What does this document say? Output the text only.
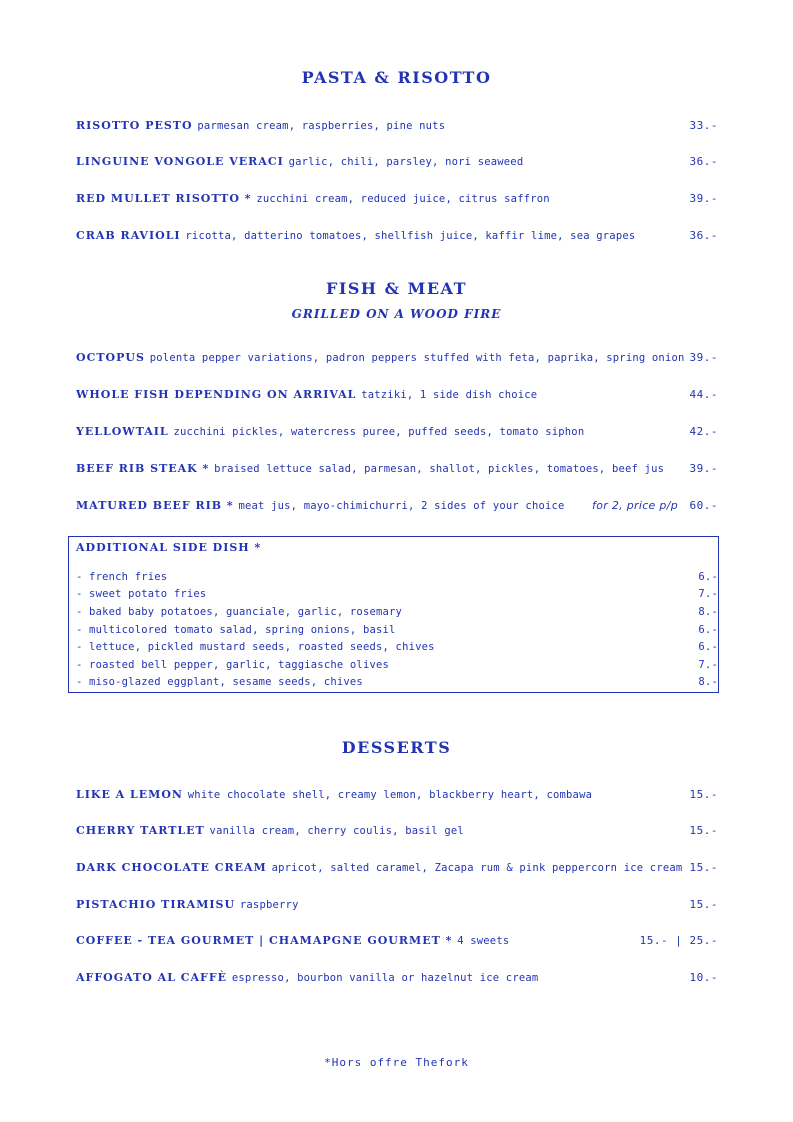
PASTA & RISOTTO
RISOTTO PESTO parmesan cream, raspberries, pine nuts	33.-
LINGUINE VONGOLE VERACI garlic, chili, parsley, nori seaweed	36.-
RED MULLET RISOTTO * zucchini cream, reduced juice, citrus saffron	39.-
CRAB RAVIOLI ricotta, datterino tomatoes, shellfish juice, kaffir lime, sea grapes	36.-
FISH & MEAT
GRILLED ON A WOOD FIRE
OCTOPUS polenta pepper variations, padron peppers stuffed with feta, paprika, spring onion 39.-
WHOLE FISH DEPENDING ON ARRIVAL tatziki, 1 side dish choice	44.-
YELLOWTAIL zucchini pickles, watercress puree, puffed seeds, tomato siphon	42.-
BEEF RIB STEAK * braised lettuce salad, parmesan, shallot, pickles, tomatoes, beef jus 39.-
MATURED BEEF RIB * meat jus, mayo-chimichurri, 2 sides of your choice for 2, price p/p 60.-
ADDITIONAL SIDE DISH *
- french fries	6.-
- sweet potato fries	7.-
- baked baby potatoes, guanciale, garlic, rosemary	8.-
- multicolored tomato salad, spring onions, basil	6.-
- lettuce, pickled mustard seeds, roasted seeds, chives	6.-
- roasted bell pepper, garlic, taggiasche olives	7.-
- miso-glazed eggplant, sesame seeds, chives	8.-
DESSERTS
LIKE A LEMON white chocolate shell, creamy lemon, blackberry heart, combawa	15.-
CHERRY TARTLET vanilla cream, cherry coulis, basil gel	15.-
DARK CHOCOLATE CREAM apricot, salted caramel, Zacapa rum & pink peppercorn ice cream 15.-
PISTACHIO TIRAMISU raspberry	15.-
COFFEE - TEA GOURMET | CHAMAPGNE GOURMET * 4 sweets	15.- | 25.-
AFFOGATO AL CAFFÈ espresso, bourbon vanilla or hazelnut ice cream	10.-
*Hors offre Thefork
